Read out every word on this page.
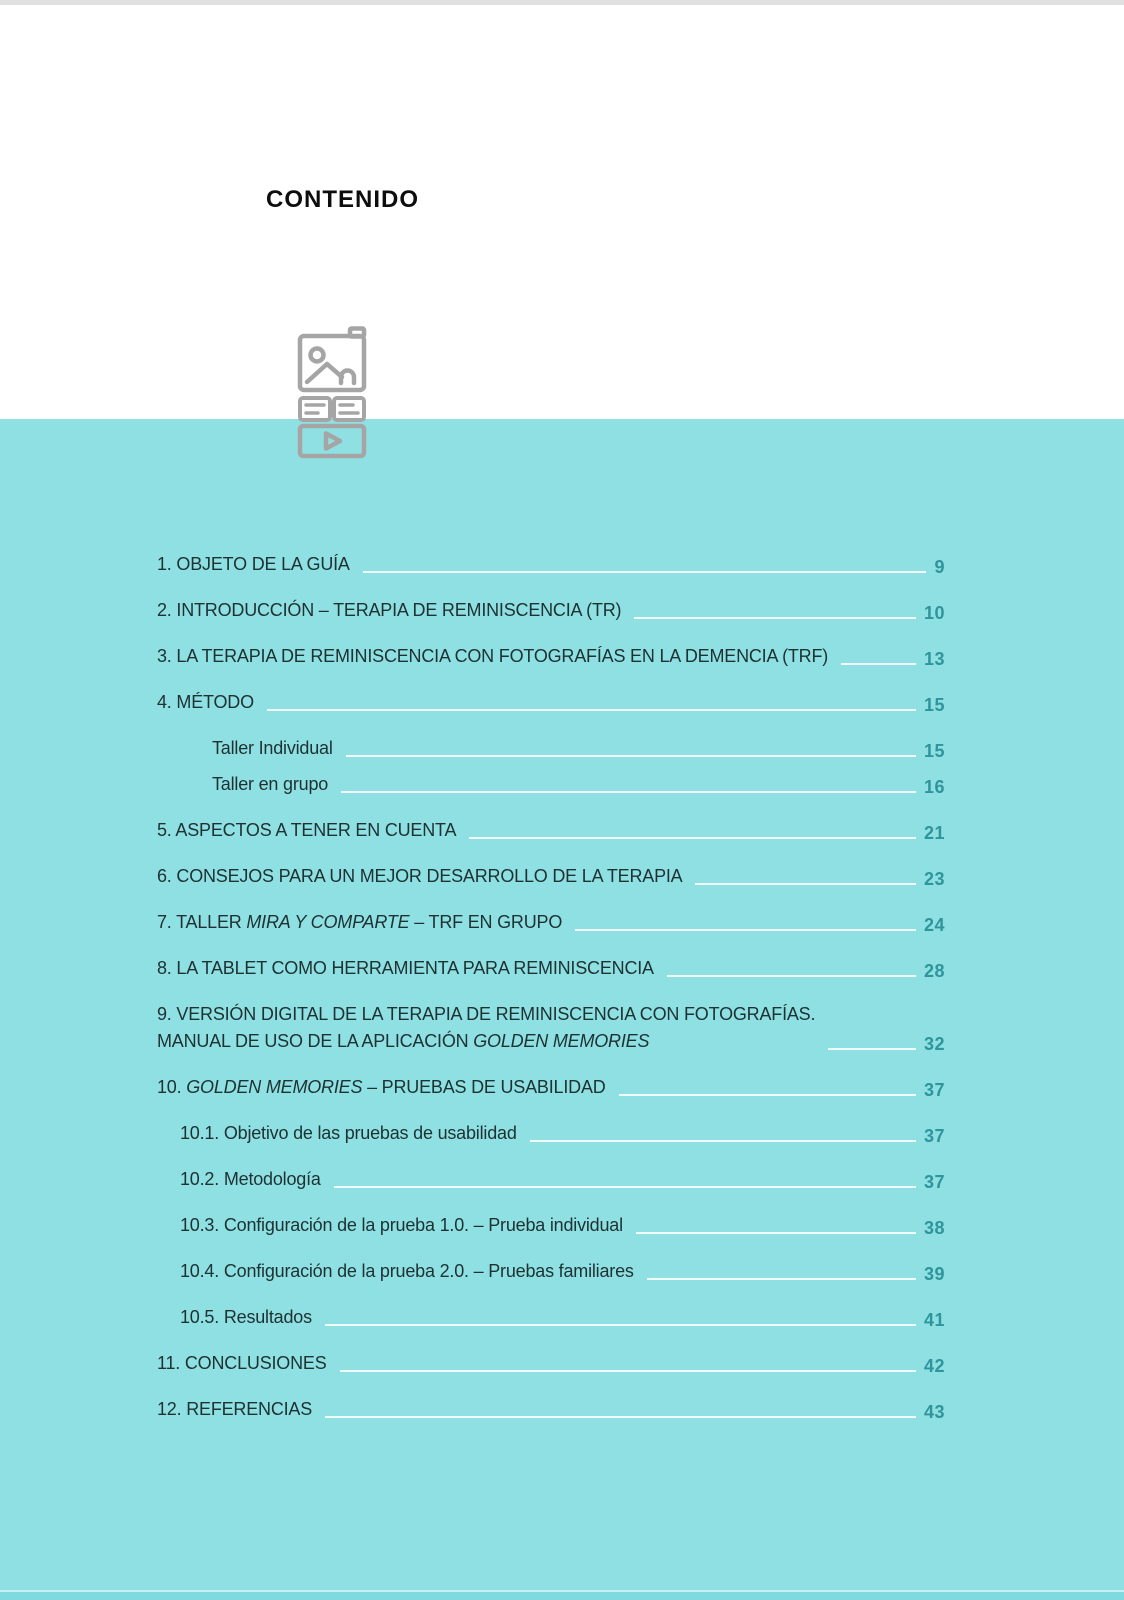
CONTENIDO
1. OBJETO DE LA GUÍA	9
2. INTRODUCCIÓN – TERAPIA DE REMINISCENCIA (TR)	10
3. LA TERAPIA DE REMINISCENCIA CON FOTOGRAFÍAS EN LA DEMENCIA (TRF)	13
4. MÉTODO	15
Taller Individual	15
Taller en grupo	16
5. ASPECTOS A TENER EN CUENTA	21
6. CONSEJOS PARA UN MEJOR DESARROLLO DE LA TERAPIA	23
7. TALLER MIRA Y COMPARTE – TRF EN GRUPO	24
8. LA TABLET COMO HERRAMIENTA PARA REMINISCENCIA	28
9. VERSIÓN DIGITAL DE LA TERAPIA DE REMINISCENCIA CON FOTOGRAFÍAS.
MANUAL DE USO DE LA APLICACIÓN GOLDEN MEMORIES	32
10. GOLDEN MEMORIES – PRUEBAS DE USABILIDAD	37
10.1. Objetivo de las pruebas de usabilidad	37
10.2. Metodología	37
10.3. Configuración de la prueba 1.0. – Prueba individual	38
10.4. Configuración de la prueba 2.0. – Pruebas familiares	39
10.5. Resultados	41
11. CONCLUSIONES	42
12. REFERENCIAS	43
